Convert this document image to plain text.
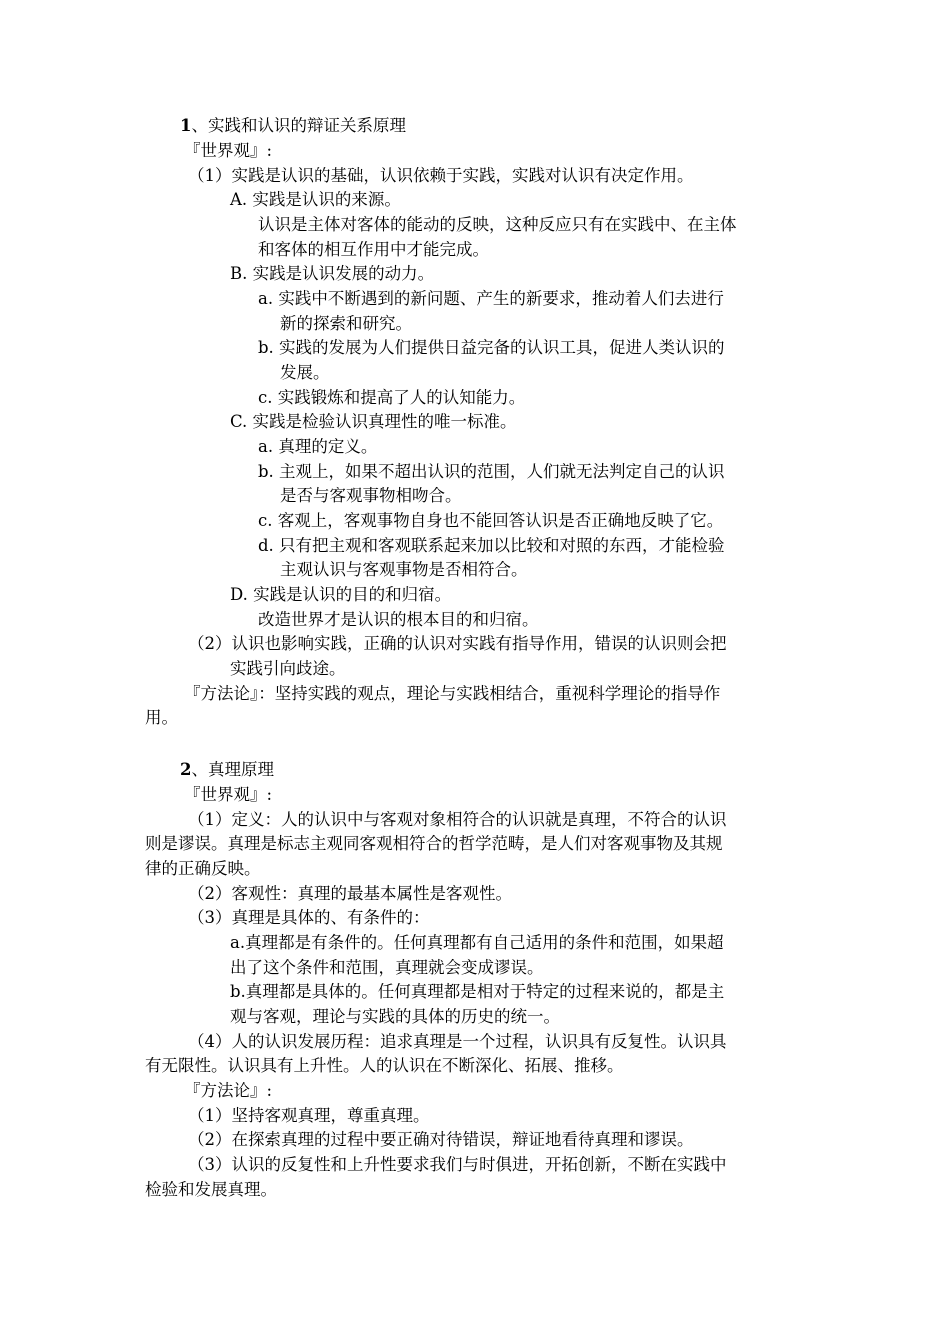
1、实践和认识的辩证关系原理
『世界观』:
（1）实践是认识的基础，认识依赖于实践，实践对认识有决定作用。
A. 实践是认识的来源。
认识是主体对客体的能动的反映，这种反应只有在实践中、在主体
和客体的相互作用中才能完成。
B. 实践是认识发展的动力。
a. 实践中不断遇到的新问题、产生的新要求，推动着人们去进行
新的探索和研究。
b. 实践的发展为人们提供日益完备的认识工具，促进人类认识的
发展。
c. 实践锻炼和提高了人的认知能力。
C. 实践是检验认识真理性的唯一标准。
a. 真理的定义。
b. 主观上，如果不超出认识的范围，人们就无法判定自己的认识
是否与客观事物相吻合。
c. 客观上，客观事物自身也不能回答认识是否正确地反映了它。
d. 只有把主观和客观联系起来加以比较和对照的东西，才能检验
主观认识与客观事物是否相符合。
D. 实践是认识的目的和归宿。
改造世界才是认识的根本目的和归宿。
（2）认识也影响实践，正确的认识对实践有指导作用，错误的认识则会把
实践引向歧途。
『方法论』：坚持实践的观点，理论与实践相结合，重视科学理论的指导作
用。
2、真理原理
『世界观』:
（1）定义：人的认识中与客观对象相符合的认识就是真理，不符合的认识
则是谬误。真理是标志主观同客观相符合的哲学范畴，是人们对客观事物及其规
律的正确反映。
（2）客观性：真理的最基本属性是客观性。
（3）真理是具体的、有条件的：
a.真理都是有条件的。任何真理都有自己适用的条件和范围，如果超
出了这个条件和范围，真理就会变成谬误。
b.真理都是具体的。任何真理都是相对于特定的过程来说的，都是主
观与客观，理论与实践的具体的历史的统一。
（4）人的认识发展历程：追求真理是一个过程，认识具有反复性。认识具
有无限性。认识具有上升性。人的认识在不断深化、拓展、推移。
『方法论』:
（1）坚持客观真理，尊重真理。
（2）在探索真理的过程中要正确对待错误，辩证地看待真理和谬误。
（3）认识的反复性和上升性要求我们与时俱进，开拓创新，不断在实践中
检验和发展真理。
